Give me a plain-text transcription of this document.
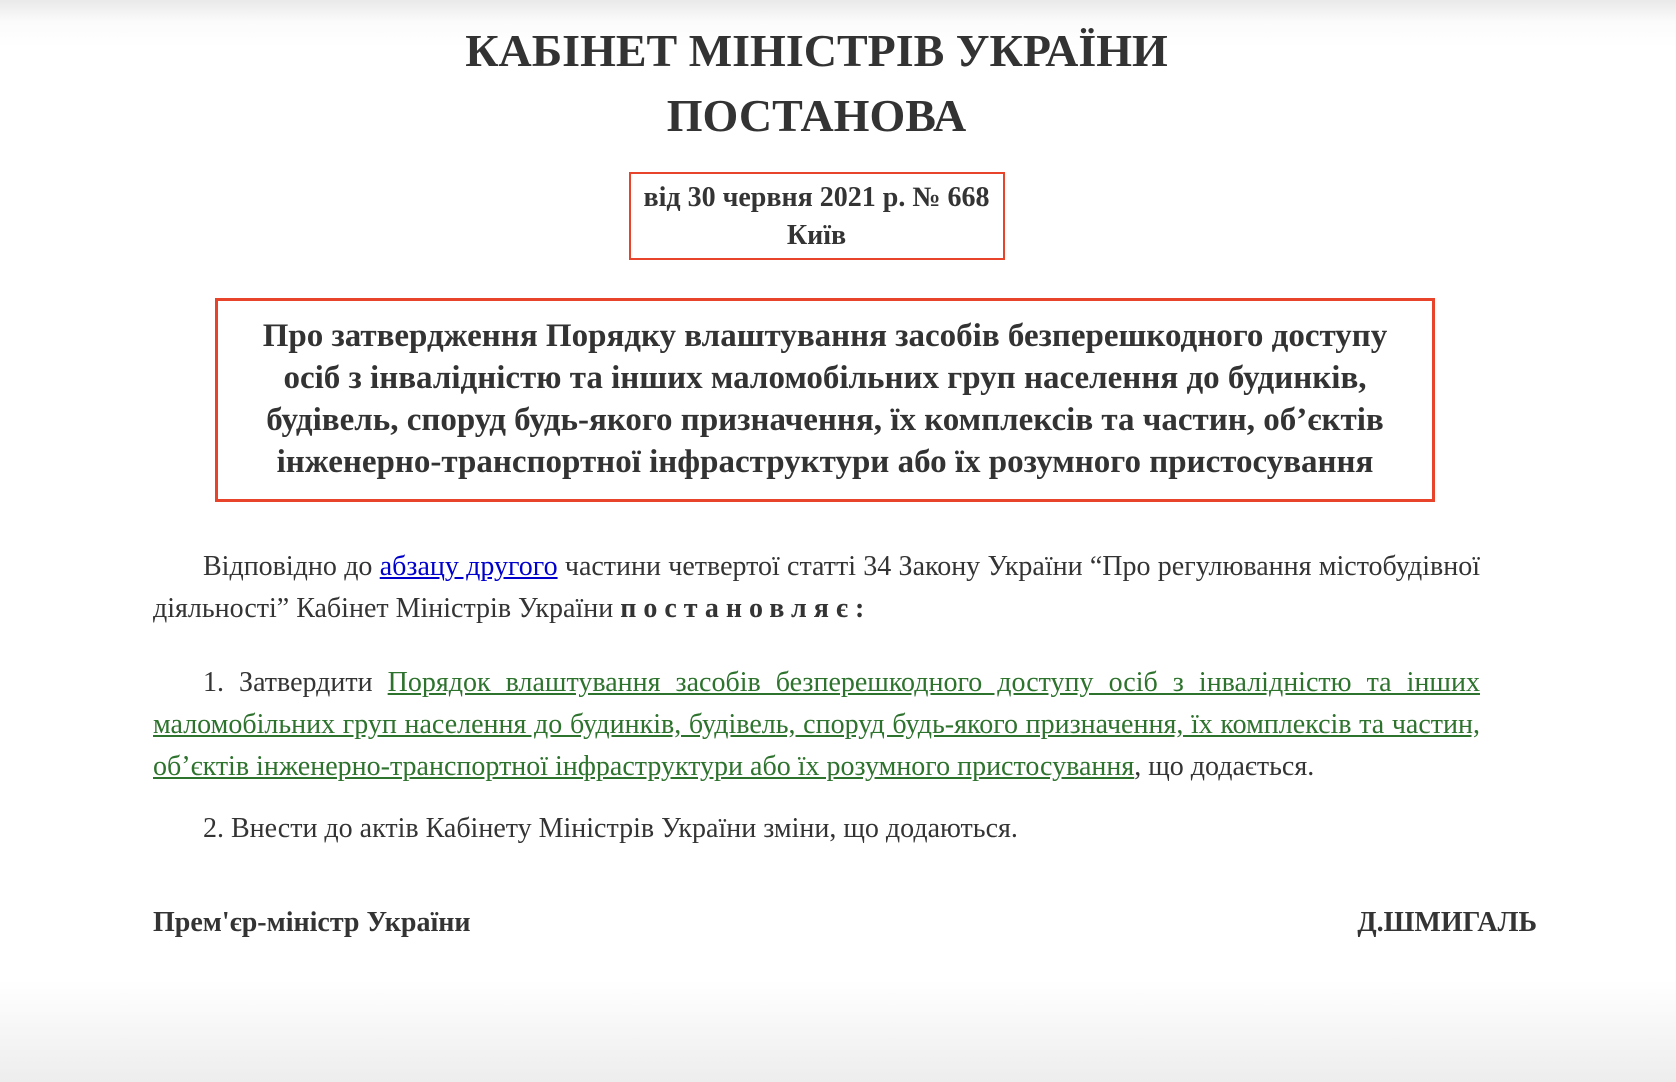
КАБІНЕТ МІНІСТРІВ УКРАЇНИ
ПОСТАНОВА
від 30 червня 2021 р. № 668
Київ
Про затвердження Порядку влаштування засобів безперешкодного доступу осіб з інвалідністю та інших маломобільних груп населення до будинків, будівель, споруд будь-якого призначення, їх комплексів та частин, об’єктів інженерно-транспортної інфраструктури або їх розумного пристосування

Відповідно до абзацу другого частини четвертої статті 34 Закону України “Про регулювання містобудівної діяльності” Кабінет Міністрів України постановляє:

1. Затвердити Порядок влаштування засобів безперешкодного доступу осіб з інвалідністю та інших маломобільних груп населення до будинків, будівель, споруд будь-якого призначення, їх комплексів та частин, об’єктів інженерно-транспортної інфраструктури або їх розумного пристосування, що додається.

2. Внести до актів Кабінету Міністрів України зміни, що додаються.

Прем'єр-міністр України	Д.ШМИГАЛЬ
